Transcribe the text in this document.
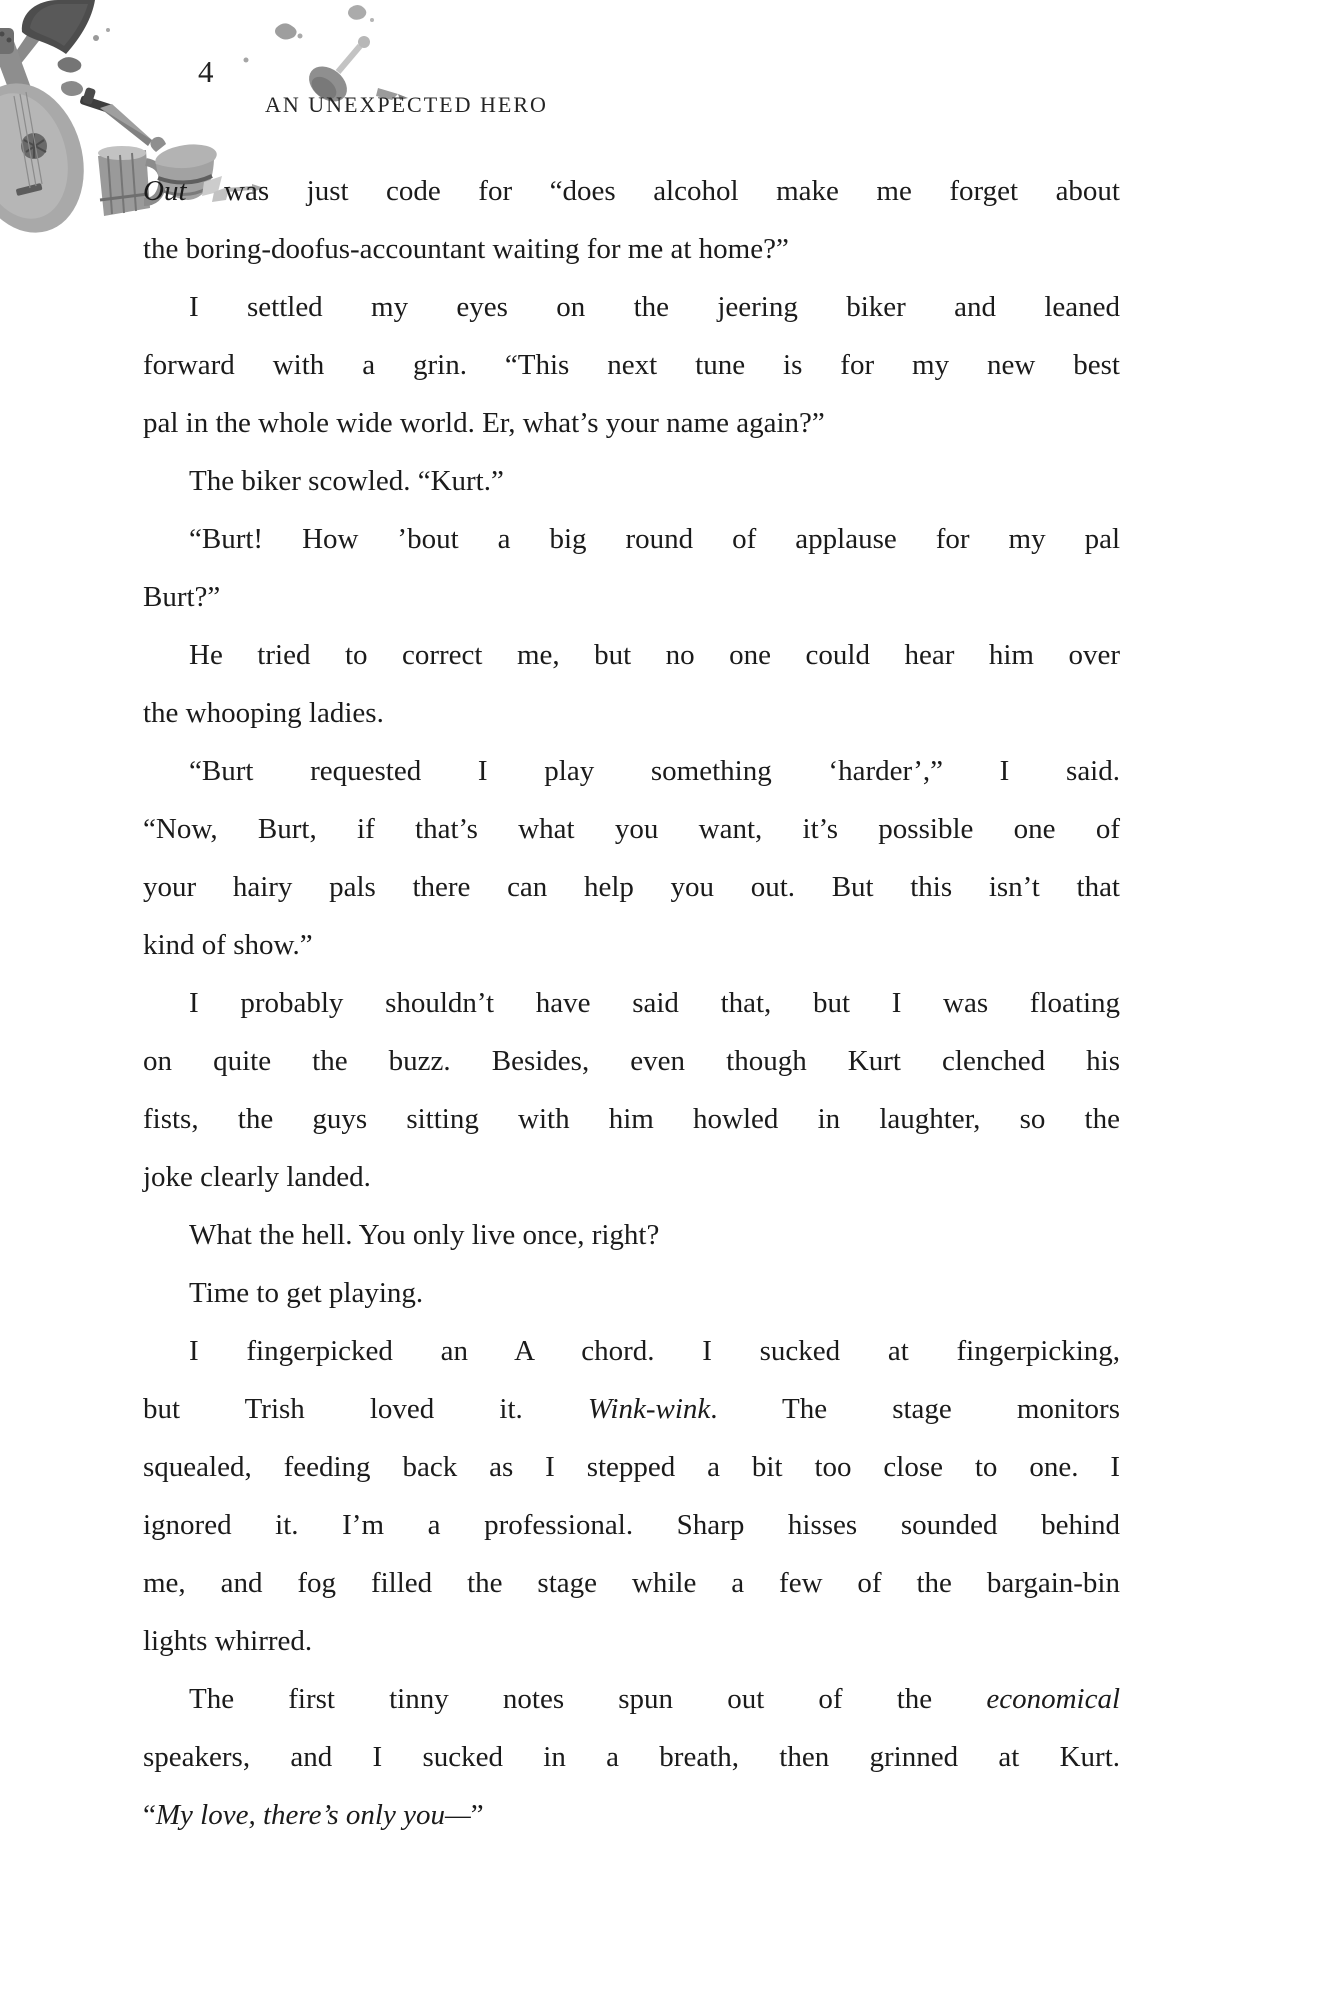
4
AN UNEXPECTED HERO
Out was just code for “does alcohol make me forget about
the boring-doofus-accountant waiting for me at home?”
I settled my eyes on the jeering biker and leaned
forward with a grin. “This next tune is for my new best
pal in the whole wide world. Er, what’s your name again?”
The biker scowled. “Kurt.”
“Burt! How ’bout a big round of applause for my pal
Burt?”
He tried to correct me, but no one could hear him over
the whooping ladies.
“Burt requested I play something ‘harder’,” I said.
“Now, Burt, if that’s what you want, it’s possible one of
your hairy pals there can help you out. But this isn’t that
kind of show.”
I probably shouldn’t have said that, but I was floating
on quite the buzz. Besides, even though Kurt clenched his
fists, the guys sitting with him howled in laughter, so the
joke clearly landed.
What the hell. You only live once, right?
Time to get playing.
I fingerpicked an A chord. I sucked at fingerpicking,
but Trish loved it. Wink-wink. The stage monitors
squealed, feeding back as I stepped a bit too close to one. I
ignored it. I’m a professional. Sharp hisses sounded behind
me, and fog filled the stage while a few of the bargain-bin
lights whirred.
The first tinny notes spun out of the economical
speakers, and I sucked in a breath, then grinned at Kurt.
“My love, there’s only you—”
